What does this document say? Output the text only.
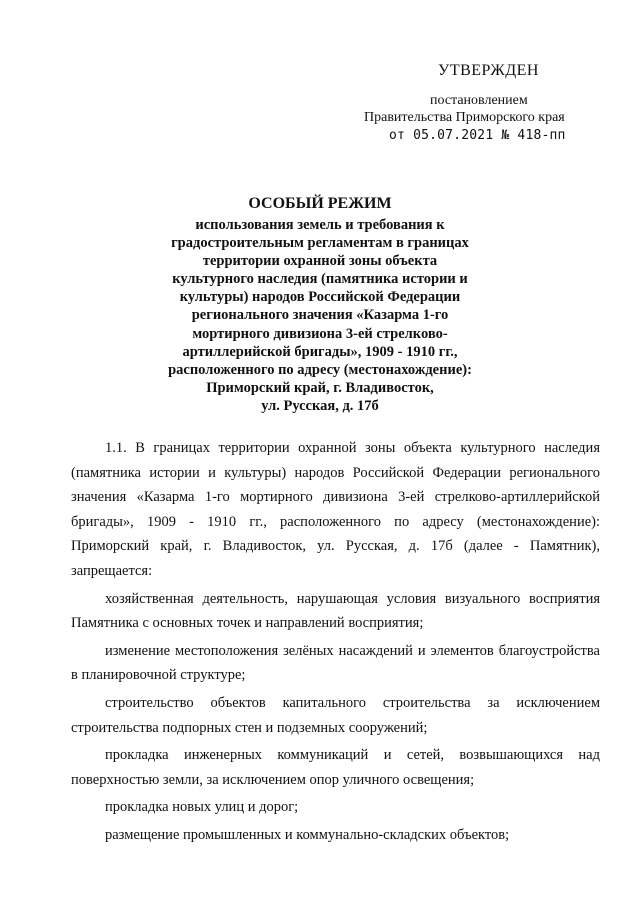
УТВЕРЖДЕН
постановлением
Правительства Приморского края
от 05.07.2021 № 418-пп

ОСОБЫЙ РЕЖИМ

использования земель и требования к
градостроительным регламентам в границах
территории охранной зоны объекта
культурного наследия (памятника истории и
культуры) народов Российской Федерации
регионального значения «Казарма 1-го
мортирного дивизиона 3-ей стрелково-
артиллерийской бригады», 1909 - 1910 гг.,
расположенного по адресу (местонахождение):
Приморский край, г. Владивосток,
ул. Русская, д. 17б

1.1. В границах территории охранной зоны объекта культурного наследия (памятника истории и культуры) народов Российской Федерации регионального значения «Казарма 1-го мортирного дивизиона 3-ей стрелково-артиллерийской бригады», 1909 - 1910 гг., расположенного по адресу (местонахождение): Приморский край, г. Владивосток, ул. Русская, д. 17б (далее - Памятник), запрещается:

хозяйственная деятельность, нарушающая условия визуального восприятия Памятника с основных точек и направлений восприятия;

изменение местоположения зелёных насаждений и элементов благоустройства в планировочной структуре;

строительство объектов капитального строительства за исключением строительства подпорных стен и подземных сооружений;

прокладка инженерных коммуникаций и сетей, возвышающихся над поверхностью земли, за исключением опор уличного освещения;

прокладка новых улиц и дорог;

размещение промышленных и коммунально-складских объектов;
